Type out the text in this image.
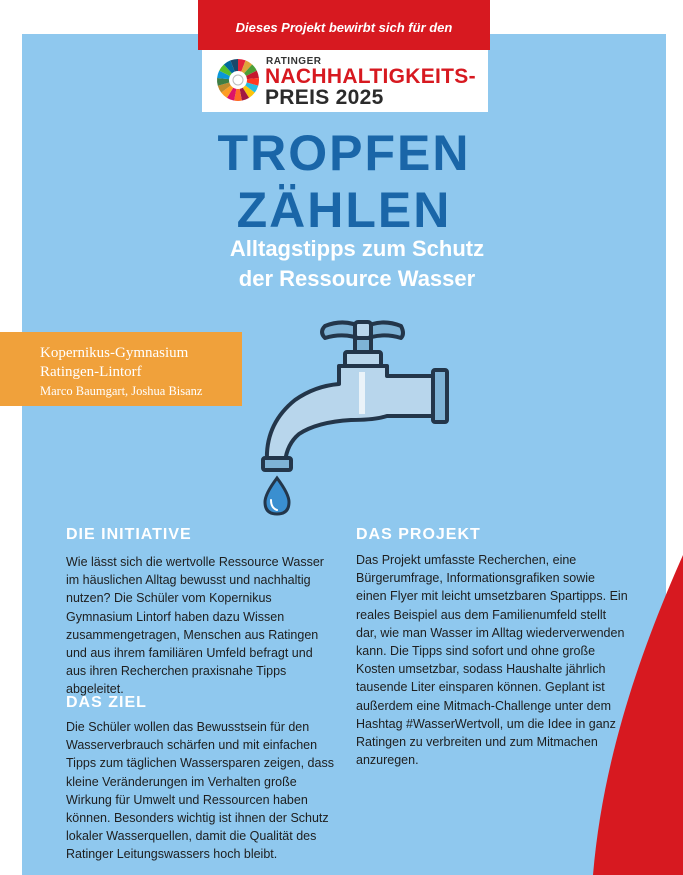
Dieses Projekt bewirbt sich für den
RATINGER
NACHHALTIGKEITS-
PREIS 2025
TROPFEN
ZÄHLEN
Alltagstipps zum Schutz
der Ressource Wasser
Kopernikus-Gymnasium
Ratingen-Lintorf
Marco Baumgart, Joshua Bisanz
DIE INITIATIVE

Wie lässt sich die wertvolle Ressource Wasser im häuslichen Alltag bewusst und nachhaltig nutzen? Die Schüler vom Kopernikus Gymnasium Lintorf haben dazu Wissen zusammengetragen, Menschen aus Ratingen und aus ihrem familiären Umfeld befragt und aus ihren Recherchen praxisnahe Tipps abgeleitet.

DAS ZIEL

Die Schüler wollen das Bewusstsein für den Wasserverbrauch schärfen und mit einfachen Tipps zum täglichen Wassersparen zeigen, dass kleine Veränderungen im Verhalten große Wirkung für Umwelt und Ressourcen haben können. Besonders wichtig ist ihnen der Schutz lokaler Wasserquellen, damit die Qualität des Ratinger Leitungswassers hoch bleibt.

DAS PROJEKT

Das Projekt umfasste Recherchen, eine Bürgerumfrage, Informationsgrafiken sowie einen Flyer mit leicht umsetzbaren Spartipps. Ein reales Beispiel aus dem Familienumfeld stellt dar, wie man Wasser im Alltag wiederverwenden kann. Die Tipps sind sofort und ohne große Kosten umsetzbar, sodass Haushalte jährlich tausende Liter einsparen können. Geplant ist außerdem eine Mitmach-Challenge unter dem Hashtag #WasserWertvoll, um die Idee in ganz Ratingen zu verbreiten und zum Mitmachen anzuregen.
